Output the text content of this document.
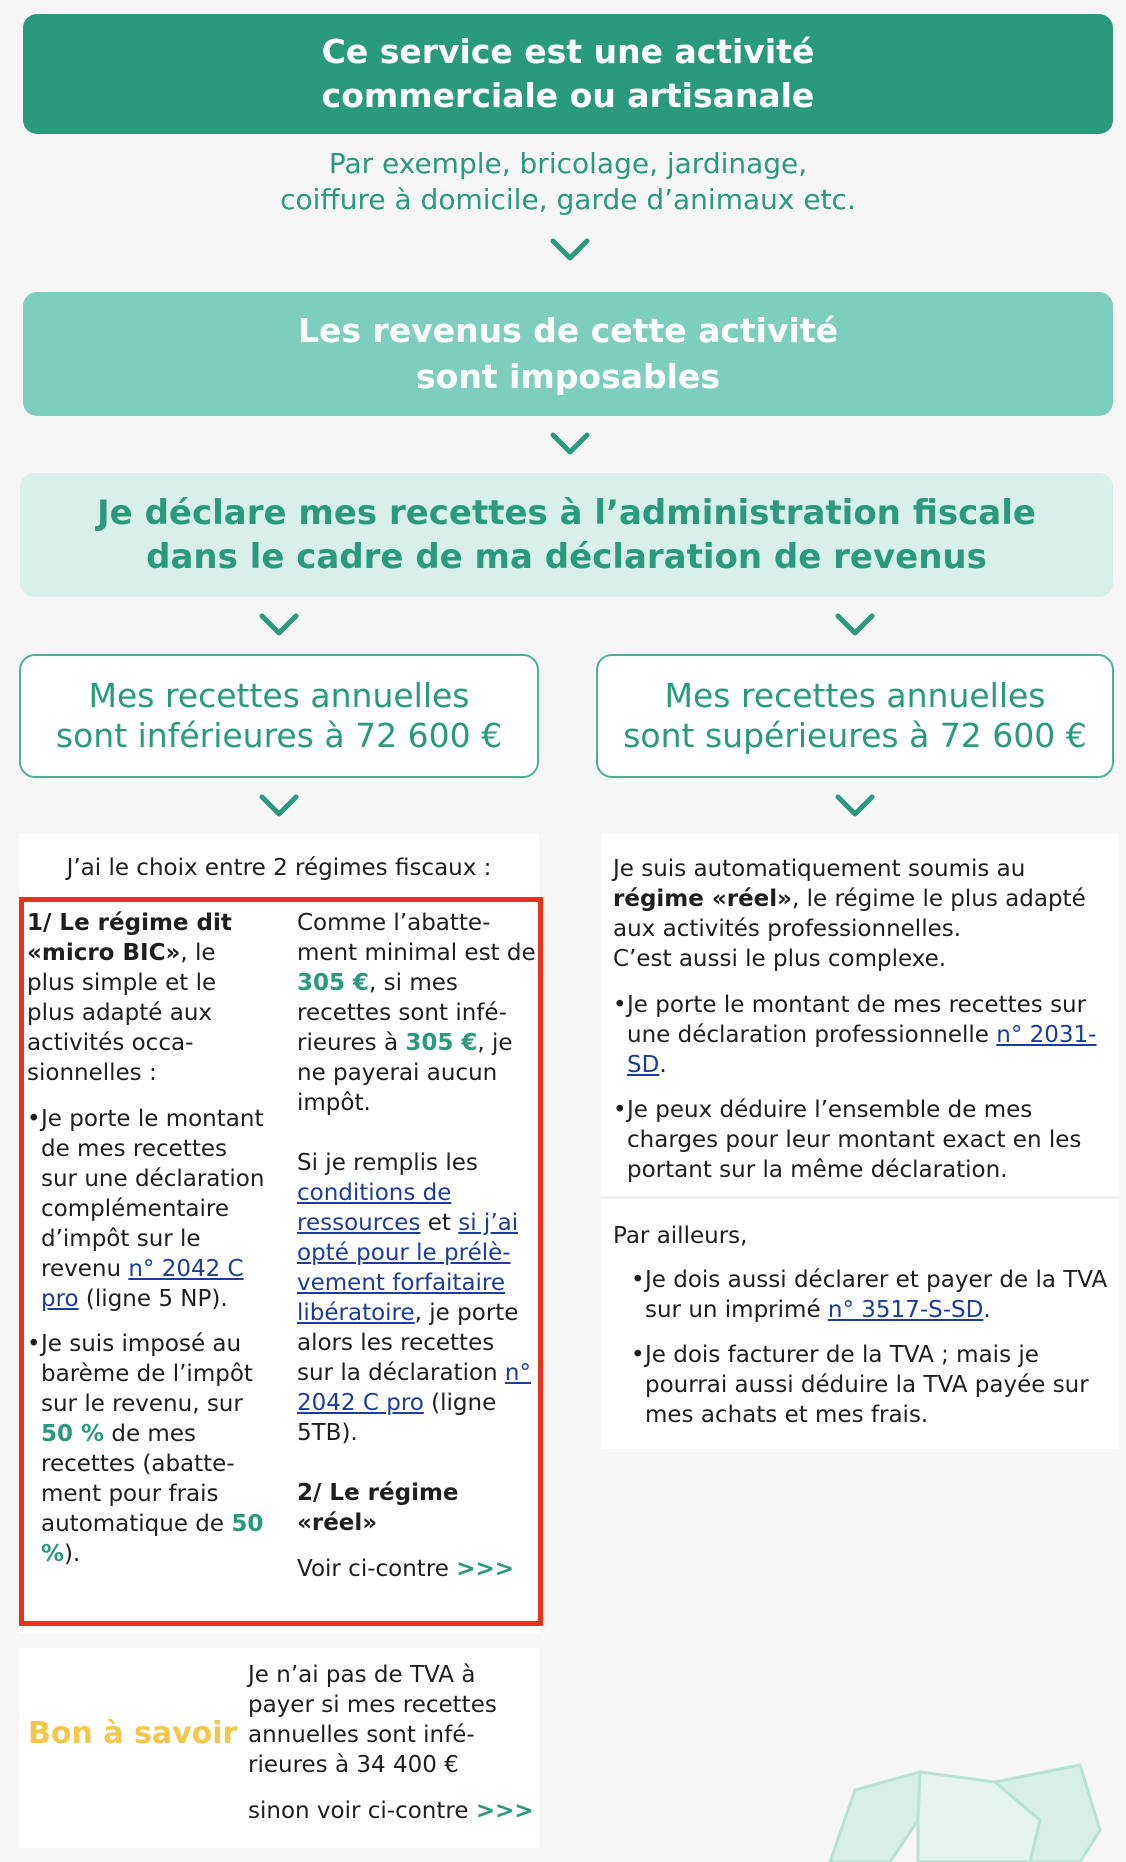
Ce service est une activité
commerciale ou artisanale
Par exemple, bricolage, jardinage,
coiffure à domicile, garde d’animaux etc.
Les revenus de cette activité
sont imposables
Je déclare mes recettes à l’administration fiscale
dans le cadre de ma déclaration de revenus
Mes recettes annuelles
sont inférieures à 72 600 €
Mes recettes annuelles
sont supérieures à 72 600 €
J’ai le choix entre 2 régimes fiscaux :

1/ Le régime dit «micro BIC», le plus simple et le plus adapté aux activités occasionnelles :

• Je porte le montant de mes recettes sur une déclaration complémentaire d’impôt sur le revenu n° 2042 C pro (ligne 5 NP).
• Je suis imposé au barème de l’impôt sur le revenu, sur 50 % de mes recettes (abattement pour frais automatique de 50 %).

Comme l’abattement minimal est de 305 €, si mes recettes sont inférieures à 305 €, je ne payerai aucun impôt.

Si je remplis les conditions de ressources et si j’ai opté pour le prélèvement forfaitaire libératoire, je porte alors les recettes sur la déclaration n° 2042 C pro (ligne 5TB).

2/ Le régime «réel»

Voir ci-contre >>>

Je suis automatiquement soumis au régime «réel», le régime le plus adapté aux activités professionnelles.
C’est aussi le plus complexe.

• Je porte le montant de mes recettes sur une déclaration professionnelle n° 2031-SD.
• Je peux déduire l’ensemble de mes charges pour leur montant exact en les portant sur la même déclaration.

Par ailleurs,

• Je dois aussi déclarer et payer de la TVA sur un imprimé n° 3517-S-SD.
• Je dois facturer de la TVA ; mais je pourrai aussi déduire la TVA payée sur mes achats et mes frais.
Bon à savoir

Je n’ai pas de TVA à payer si mes recettes annuelles sont inférieures à 34 400 €

sinon voir ci-contre >>>
